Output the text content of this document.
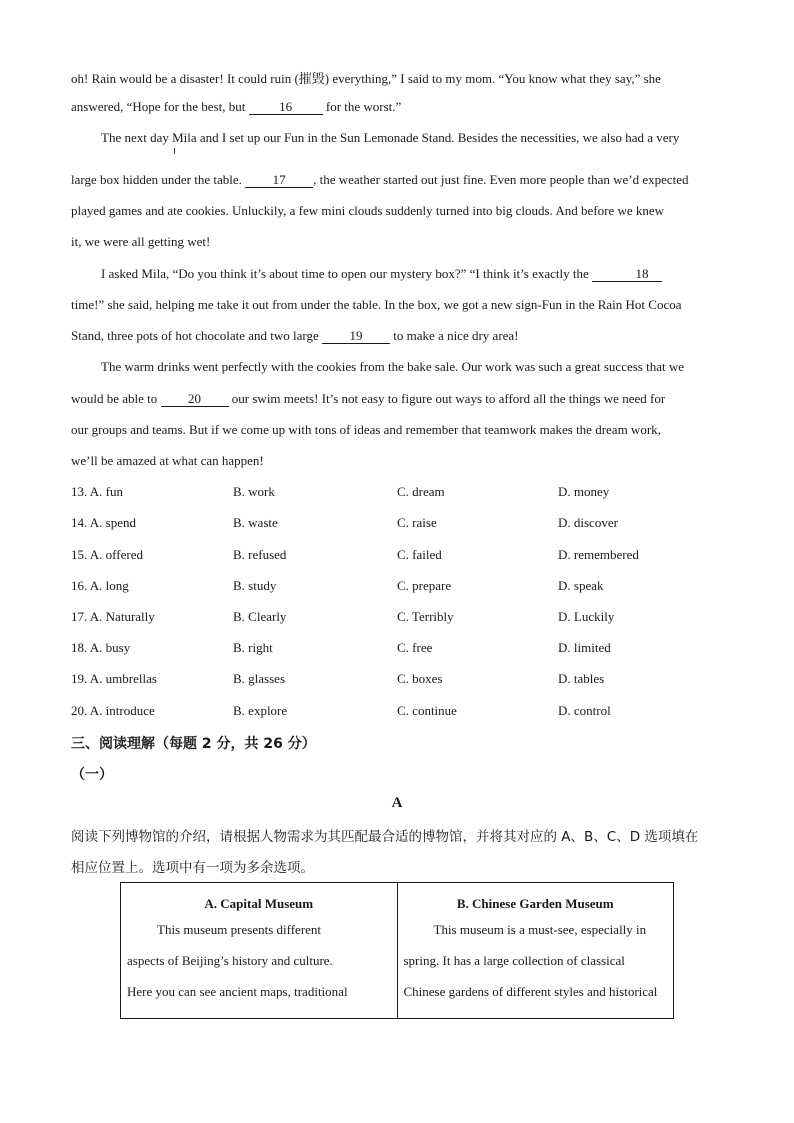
oh! Rain would be a disaster! It could ruin (摧毁) everything,” I said to my mom. “You know what they say,” she
answered, “Hope for the best, but 16 for the worst.”
The next day Mila and I set up our Fun in the Sun Lemonade Stand. Besides the necessities, we also had a very
large box hidden under the table. 17 , the weather started out just fine. Even more people than we’d expected
played games and ate cookies. Unluckily, a few mini clouds suddenly turned into big clouds. And before we knew
it, we were all getting wet!
I asked Mila, “Do you think it’s about time to open our mystery box?” “I think it’s exactly the	18
time!” she said, helping me take it out from under the table. In the box, we got a new sign-Fun in the Rain Hot Cocoa
Stand, three pots of hot chocolate and two large 19 to make a nice dry area!
The warm drinks went perfectly with the cookies from the bake sale. Our work was such a great success that we
would be able to 20 our swim meets! It’s not easy to figure out ways to afford all the things we need for
our groups and teams. But if we come up with tons of ideas and remember that teamwork makes the dream work,
we’ll be amazed at what can happen!
13. A. fun	B. work	C. dream	D. money
14. A. spend	B. waste	C. raise	D. discover
15. A. offered	B. refused	C. failed	D. remembered
16. A. long	B. study	C. prepare	D. speak
17. A. Naturally	B. Clearly	C. Terribly	D. Luckily
18. A. busy	B. right	C. free	D. limited
19. A. umbrellas	B. glasses	C. boxes	D. tables
20. A. introduce	B. explore	C. continue	D. control
三、阅读理解（每题 2 分，共 26 分）
（一）
A
阅读下列博物馆的介绍，请根据人物需求为其匹配最合适的博物馆，并将其对应的 A、B、C、D 选项填在
相应位置上。选项中有一项为多余选项。
A. Capital Museum
This museum presents different
aspects of Beijing’s history and culture.
Here you can see ancient maps, traditional

B. Chinese Garden Museum
This museum is a must-see, especially in
spring. It has a large collection of classical
Chinese gardens of different styles and historical
